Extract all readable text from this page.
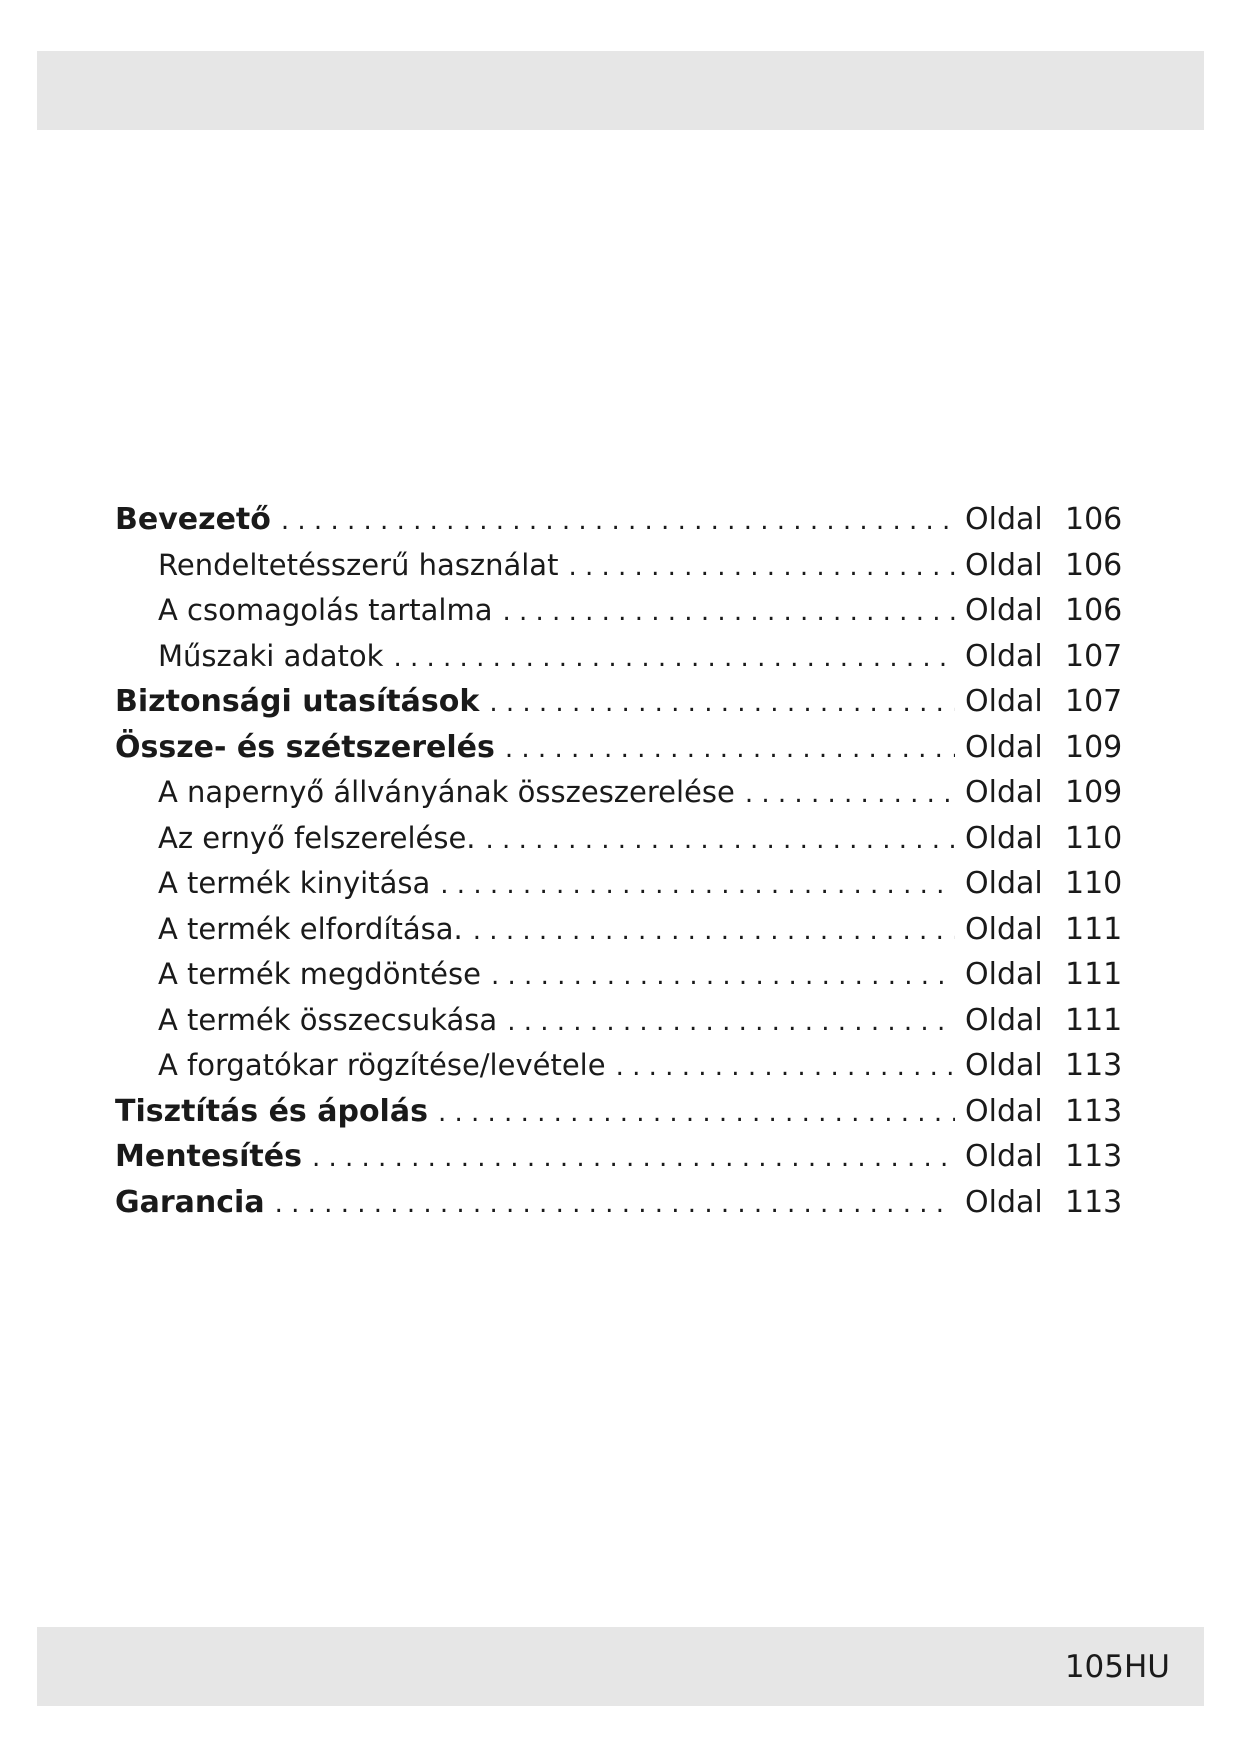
Bevezető . . .	Oldal 106
Rendeltetésszerű használat . . .	Oldal 106
A csomagolás tartalma . . .	Oldal 106
Műszaki adatok . . .	Oldal 107
Biztonsági utasítások . . .	Oldal 107
Össze- és szétszerelés . . .	Oldal 109
A napernyő állványának összeszerelése . . .	Oldal 109
Az ernyő felszerelése. . . .	Oldal 110
A termék kinyitása . . .	Oldal 110
A termék elfordítása. . . .	Oldal 111
A termék megdöntése . . .	Oldal 111
A termék összecsukása . . .	Oldal 111
A forgatókar rögzítése/levétele . . .	Oldal 113
Tisztítás és ápolás . . .	Oldal 113
Mentesítés . . .	Oldal 113
Garancia . . .	Oldal 113
105HU
